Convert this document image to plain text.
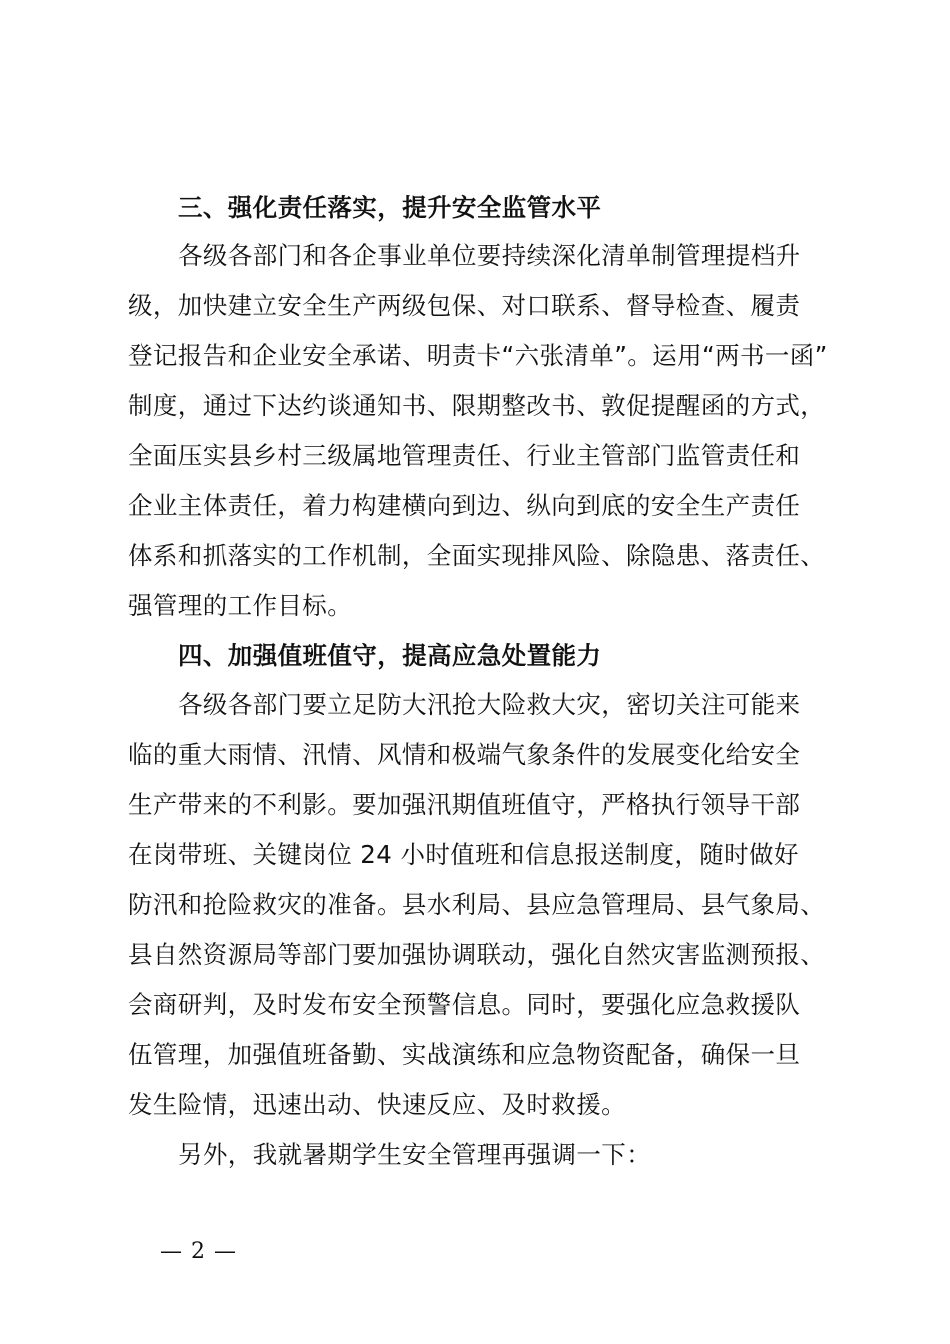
三、强化责任落实，提升安全监管水平
各级各部门和各企事业单位要持续深化清单制管理提档升
级，加快建立安全生产两级包保、对口联系、督导检查、履责
登记报告和企业安全承诺、明责卡“六张清单”。运用“两书一函”
制度，通过下达约谈通知书、限期整改书、敦促提醒函的方式，
全面压实县乡村三级属地管理责任、行业主管部门监管责任和
企业主体责任，着力构建横向到边、纵向到底的安全生产责任
体系和抓落实的工作机制，全面实现排风险、除隐患、落责任、
强管理的工作目标。
四、加强值班值守，提高应急处置能力
各级各部门要立足防大汛抢大险救大灾，密切关注可能来
临的重大雨情、汛情、风情和极端气象条件的发展变化给安全
生产带来的不利影。要加强汛期值班值守，严格执行领导干部
在岗带班、关键岗位 24 小时值班和信息报送制度，随时做好
防汛和抢险救灾的准备。县水利局、县应急管理局、县气象局、
县自然资源局等部门要加强协调联动，强化自然灾害监测预报、
会商研判，及时发布安全预警信息。同时，要强化应急救援队
伍管理，加强值班备勤、实战演练和应急物资配备，确保一旦
发生险情，迅速出动、快速反应、及时救援。
另外，我就暑期学生安全管理再强调一下：
— 2 —
